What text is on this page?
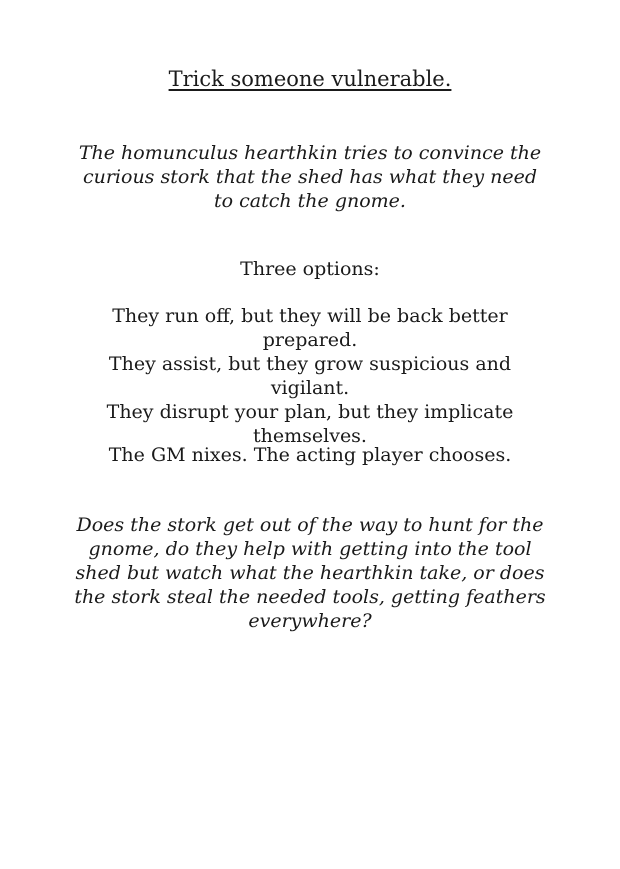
Trick someone vulnerable.

The homunculus hearthkin tries to convince the curious stork that the shed has what they need to catch the gnome.

Three options:

They run off, but they will be back better prepared.
They assist, but they grow suspicious and vigilant.
They disrupt your plan, but they implicate themselves.

The GM nixes. The acting player chooses.

Does the stork get out of the way to hunt for the gnome, do they help with getting into the tool shed but watch what the hearthkin take, or does the stork steal the needed tools, getting feathers everywhere?
